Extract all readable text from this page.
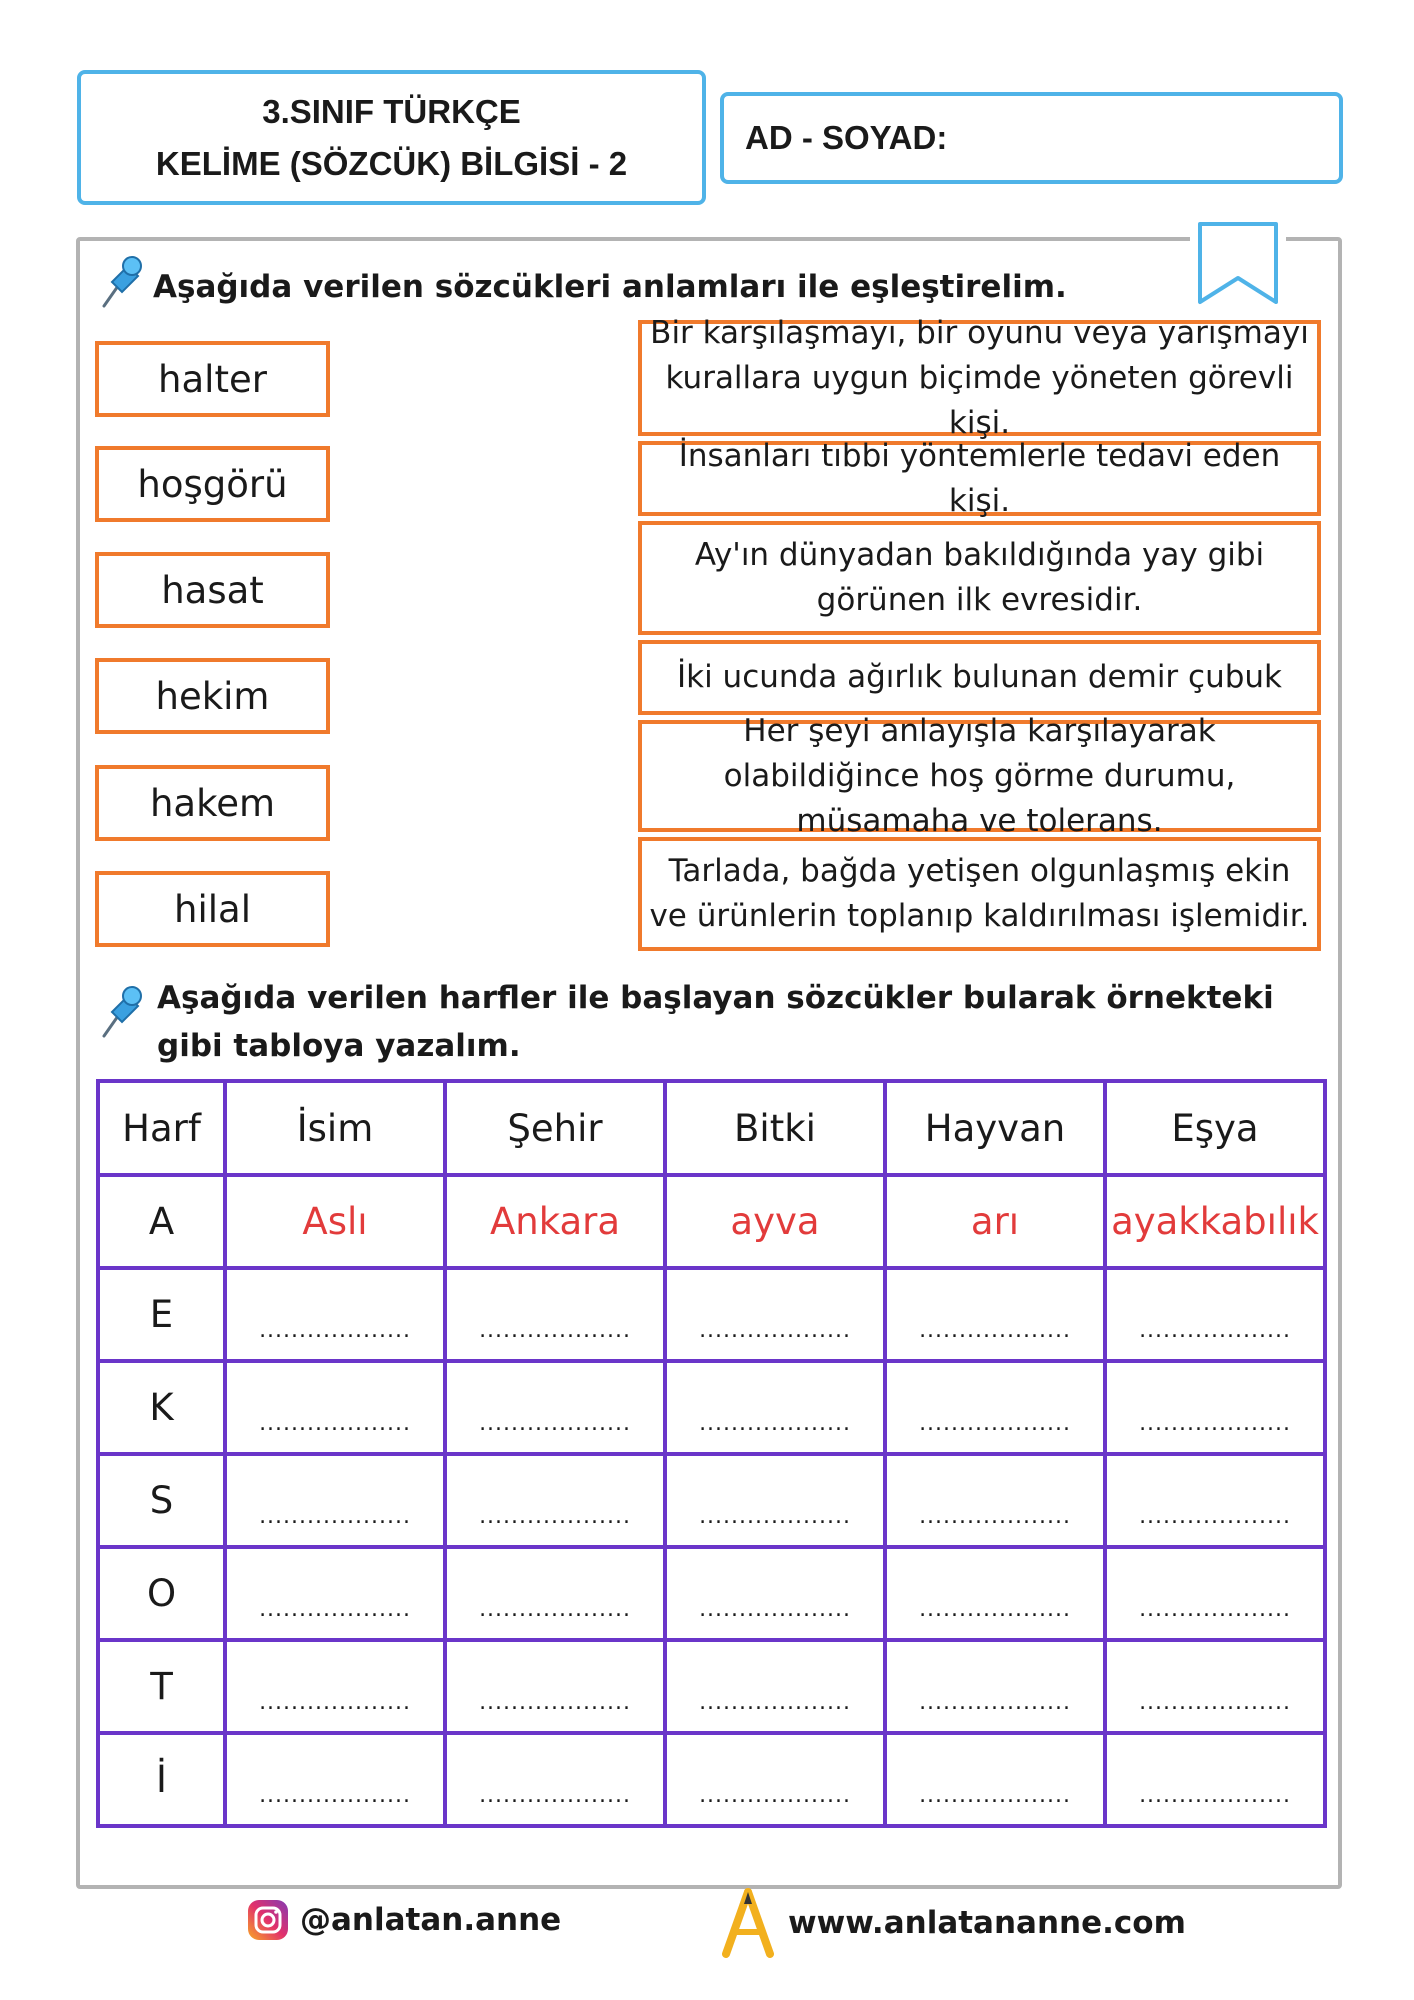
3.SINIF TÜRKÇE
KELİME (SÖZCÜK) BİLGİSİ - 2
AD - SOYAD:
Aşağıda verilen sözcükleri anlamları ile eşleştirelim.
halter
hoşgörü
hasat
hekim
hakem
hilal
Bir karşılaşmayı, bir oyunu veya yarışmayı kurallara uygun biçimde yöneten görevli kişi.
İnsanları tıbbi yöntemlerle tedavi eden kişi.
Ay'ın dünyadan bakıldığında yay gibi görünen ilk evresidir.
İki ucunda ağırlık bulunan demir çubuk
Her şeyi anlayışla karşılayarak olabildiğince hoş görme durumu, müsamaha ve tolerans.
Tarlada, bağda yetişen olgunlaşmış ekin ve ürünlerin toplanıp kaldırılması işlemidir.
Aşağıda verilen harfler ile başlayan sözcükler bularak örnekteki gibi tabloya yazalım.
Harf	İsim	Şehir	Bitki	Hayvan	Eşya
A	Aslı	Ankara	ayva	arı	ayakkabılık
E	$_{...................}$	$_{...................}$	$_{...................}$	$_{...................}$	$_{...................}$
K	$_{...................}$	$_{...................}$	$_{...................}$	$_{...................}$	$_{...................}$
S	$_{...................}$	$_{...................}$	$_{...................}$	$_{...................}$	$_{...................}$
O	$_{...................}$	$_{...................}$	$_{...................}$	$_{...................}$	$_{...................}$
T	$_{...................}$	$_{...................}$	$_{...................}$	$_{...................}$	$_{...................}$
İ	$_{...................}$	$_{...................}$	$_{...................}$	$_{...................}$	$_{...................}$
@anlatan.anne	www.anlatananne.com
